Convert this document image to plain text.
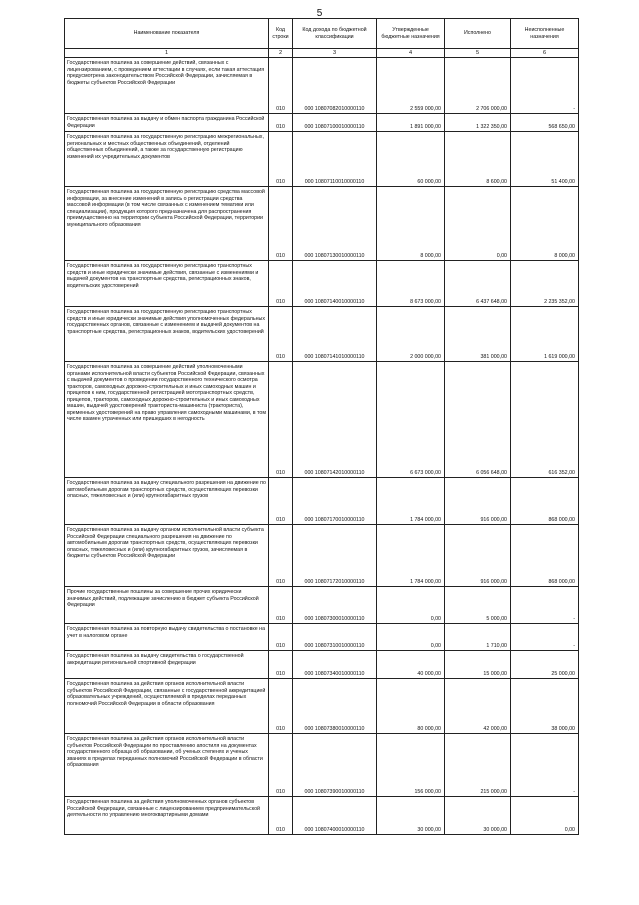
5
Наименование показателя	Код строки	Код дохода по бюджетной классификации	Утвержденные бюджетные назначения	Исполнено	Неисполненные назначения
1	2	3	4	5	6
Государственная пошлина за совершение действий, связанных с лицензированием, с проведением аттестации в случаях, если такая аттестация предусмотрена законодательством Российской Федерации, зачисляемая в бюджеты субъектов Российской Федерации	010	000 10807082010000110	2 559 000,00	2 706 000,00	-
Государственная пошлина за выдачу и обмен паспорта гражданина Российской Федерации	010	000 10807100010000110	1 891 000,00	1 322 350,00	568 650,00
Государственная пошлина за государственную регистрацию межрегиональных, региональных и местных общественных объединений, отделений общественных объединений, а также за государственную регистрацию изменений их учредительных документов	010	000 10807110010000110	60 000,00	8 600,00	51 400,00
Государственная пошлина за государственную регистрацию средства массовой информации, за внесение изменений в запись о регистрации средства массовой информации (в том числе связанных с изменением тематики или специализации), продукция которого предназначена для распространения преимущественно на территории субъекта Российской Федерации, территории муниципального образования	010	000 10807130010000110	8 000,00	0,00	8 000,00
Государственная пошлина за государственную регистрацию транспортных средств и иные юридически значимые действия, связанные с изменениями и выдачей документов на транспортные средства, регистрационных знаков, водительских удостоверений	010	000 10807140010000110	8 673 000,00	6 437 648,00	2 235 352,00
Государственная пошлина за государственную регистрацию транспортных средств и иные юридически значимые действия уполномоченных федеральных государственных органов, связанные с изменением и выдачей документов на транспортные средства, регистрационных знаков, водительских удостоверений	010	000 10807141010000110	2 000 000,00	381 000,00	1 619 000,00
Государственная пошлина за совершение действий уполномоченными органами исполнительной власти субъектов Российской Федерации, связанных с выдачей документов о проведении государственного технического осмотра тракторов, самоходных дорожно-строительных и иных самоходных машин и прицепов к ним, государственной регистрацией мототранспортных средств, прицепов, тракторов, самоходных дорожно-строительных и иных самоходных машин, выдачей удостоверений тракториста-машиниста (тракториста), временных удостоверений на право управления самоходными машинами, в том числе взамен утраченных или пришедших в негодность	010	000 10807142010000110	6 673 000,00	6 056 648,00	616 352,00
Государственная пошлина за выдачу специального разрешения на движение по автомобильным дорогам транспортных средств, осуществляющих перевозки опасных, тяжеловесных и (или) крупногабаритных грузов	010	000 10807170010000110	1 784 000,00	916 000,00	868 000,00
Государственная пошлина за выдачу органом исполнительной власти субъекта Российской Федерации специального разрешения на движение по автомобильным дорогам транспортных средств, осуществляющих перевозки опасных, тяжеловесных и (или) крупногабаритных грузов, зачисляемая в бюджеты субъектов Российской Федерации	010	000 10807172010000110	1 784 000,00	916 000,00	868 000,00
Прочие государственные пошлины за совершение прочих юридически значимых действий, подлежащие зачислению в бюджет субъекта Российской Федерации	010	000 10807300010000110	0,00	5 000,00	-
Государственная пошлина за повторную выдачу свидетельства о постановке на учет в налоговом органе	010	000 10807310010000110	0,00	1 710,00	-
Государственная пошлина за выдачу свидетельства о государственной аккредитации региональной спортивной федерации	010	000 10807340010000110	40 000,00	15 000,00	25 000,00
Государственная пошлина за действия органов исполнительной власти субъектов Российской Федерации, связанные с государственной аккредитацией образовательных учреждений, осуществляемой в пределах переданных полномочий Российской Федерации в области образования	010	000 10807380010000110	80 000,00	42 000,00	38 000,00
Государственная пошлина за действия органов исполнительной власти субъектов Российской Федерации по проставлению апостиля на документах государственного образца об образовании, об ученых степенях и ученых званиях в пределах переданных полномочий Российской Федерации в области образования	010	000 10807390010000110	156 000,00	215 000,00	-
Государственная пошлина за действия уполномоченных органов субъектов Российской Федерации, связанные с лицензированием предпринимательской деятельности по управлению многоквартирными домами	010	000 10807400010000110	30 000,00	30 000,00	0,00
